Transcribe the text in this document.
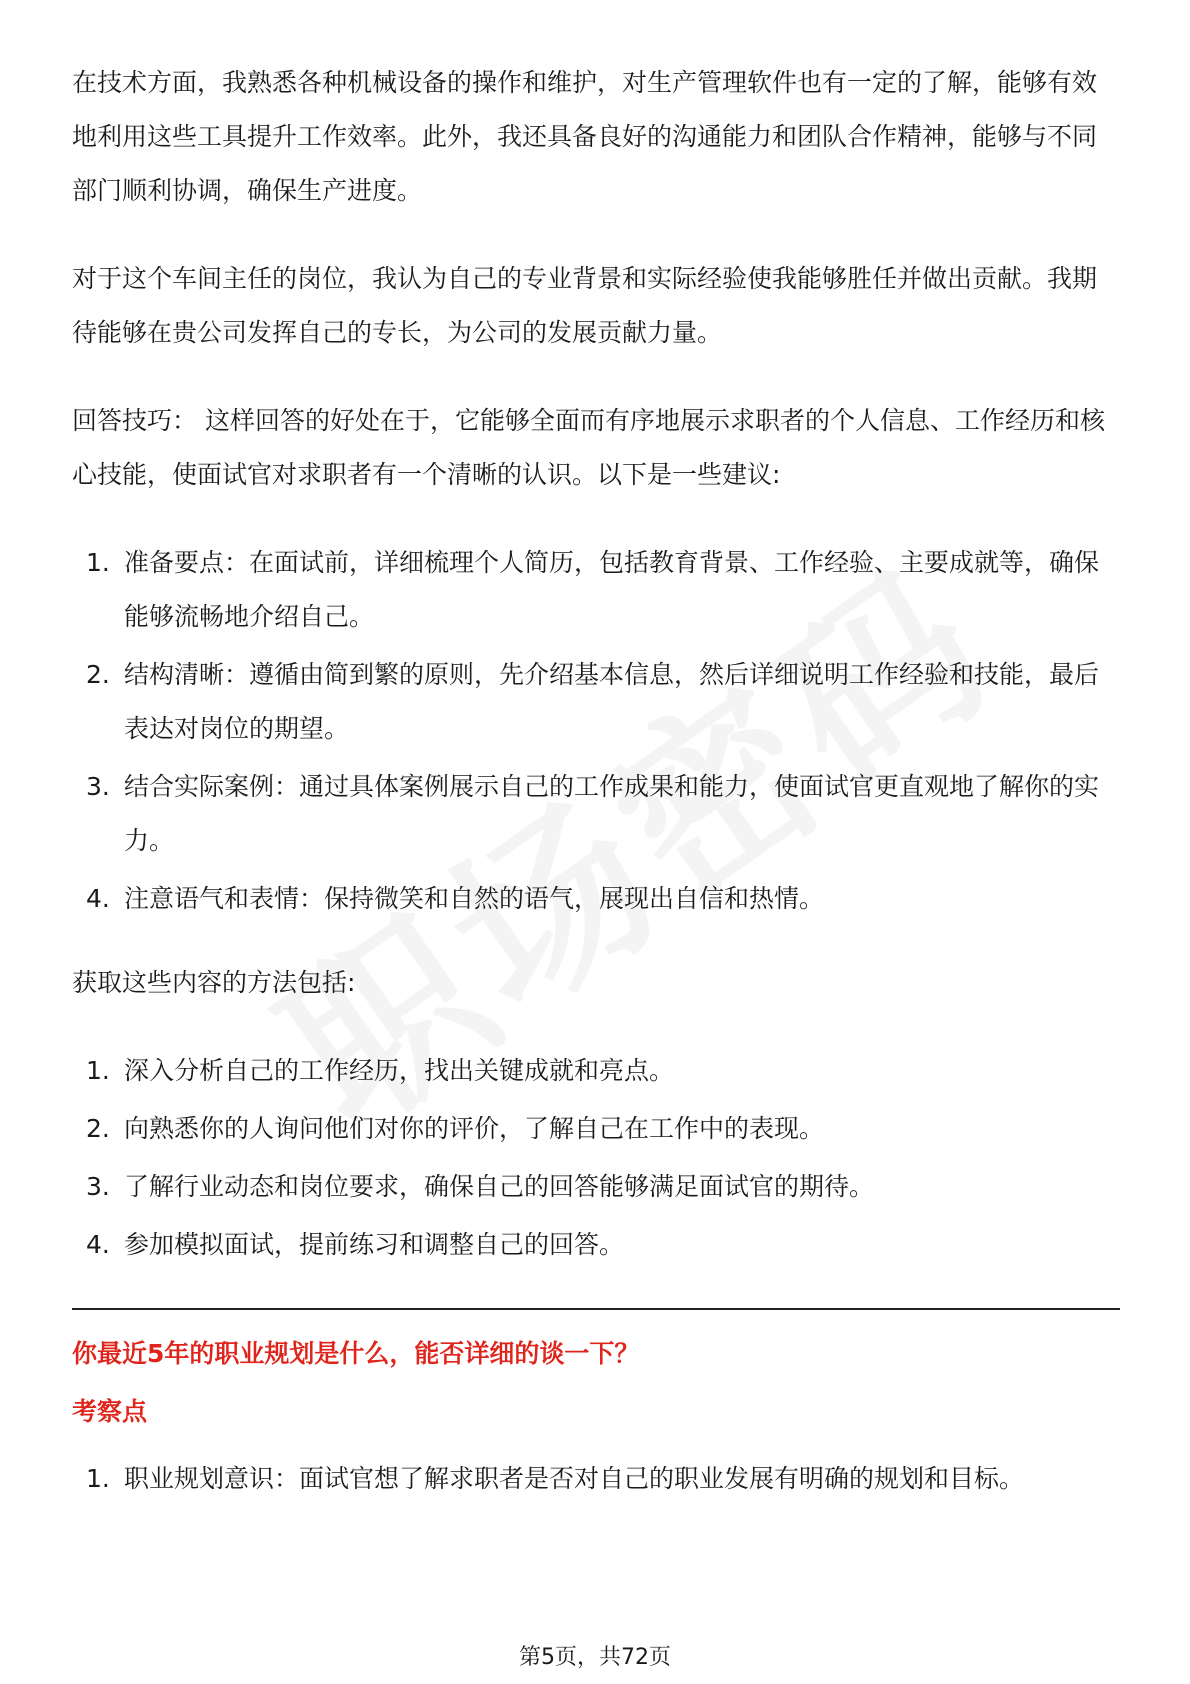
在技术方面，我熟悉各种机械设备的操作和维护，对生产管理软件也有一定的了解，能够有效地利用这些工具提升工作效率。此外，我还具备良好的沟通能力和团队合作精神，能够与不同部门顺利协调，确保生产进度。

对于这个车间主任的岗位，我认为自己的专业背景和实际经验使我能够胜任并做出贡献。我期待能够在贵公司发挥自己的专长，为公司的发展贡献力量。

回答技巧： 这样回答的好处在于，它能够全面而有序地展示求职者的个人信息、工作经历和核心技能，使面试官对求职者有一个清晰的认识。以下是一些建议:

1. 准备要点：在面试前，详细梳理个人简历，包括教育背景、工作经验、主要成就等，确保能够流畅地介绍自己。
2. 结构清晰：遵循由简到繁的原则，先介绍基本信息，然后详细说明工作经验和技能，最后表达对岗位的期望。
3. 结合实际案例：通过具体案例展示自己的工作成果和能力，使面试官更直观地了解你的实力。
4. 注意语气和表情：保持微笑和自然的语气，展现出自信和热情。

获取这些内容的方法包括:

1. 深入分析自己的工作经历，找出关键成就和亮点。
2. 向熟悉你的人询问他们对你的评价，了解自己在工作中的表现。
3. 了解行业动态和岗位要求，确保自己的回答能够满足面试官的期待。
4. 参加模拟面试，提前练习和调整自己的回答。
你最近5年的职业规划是什么，能否详细的谈一下？
考察点
1. 职业规划意识：面试官想了解求职者是否对自己的职业发展有明确的规划和目标。
第5页，共72页
